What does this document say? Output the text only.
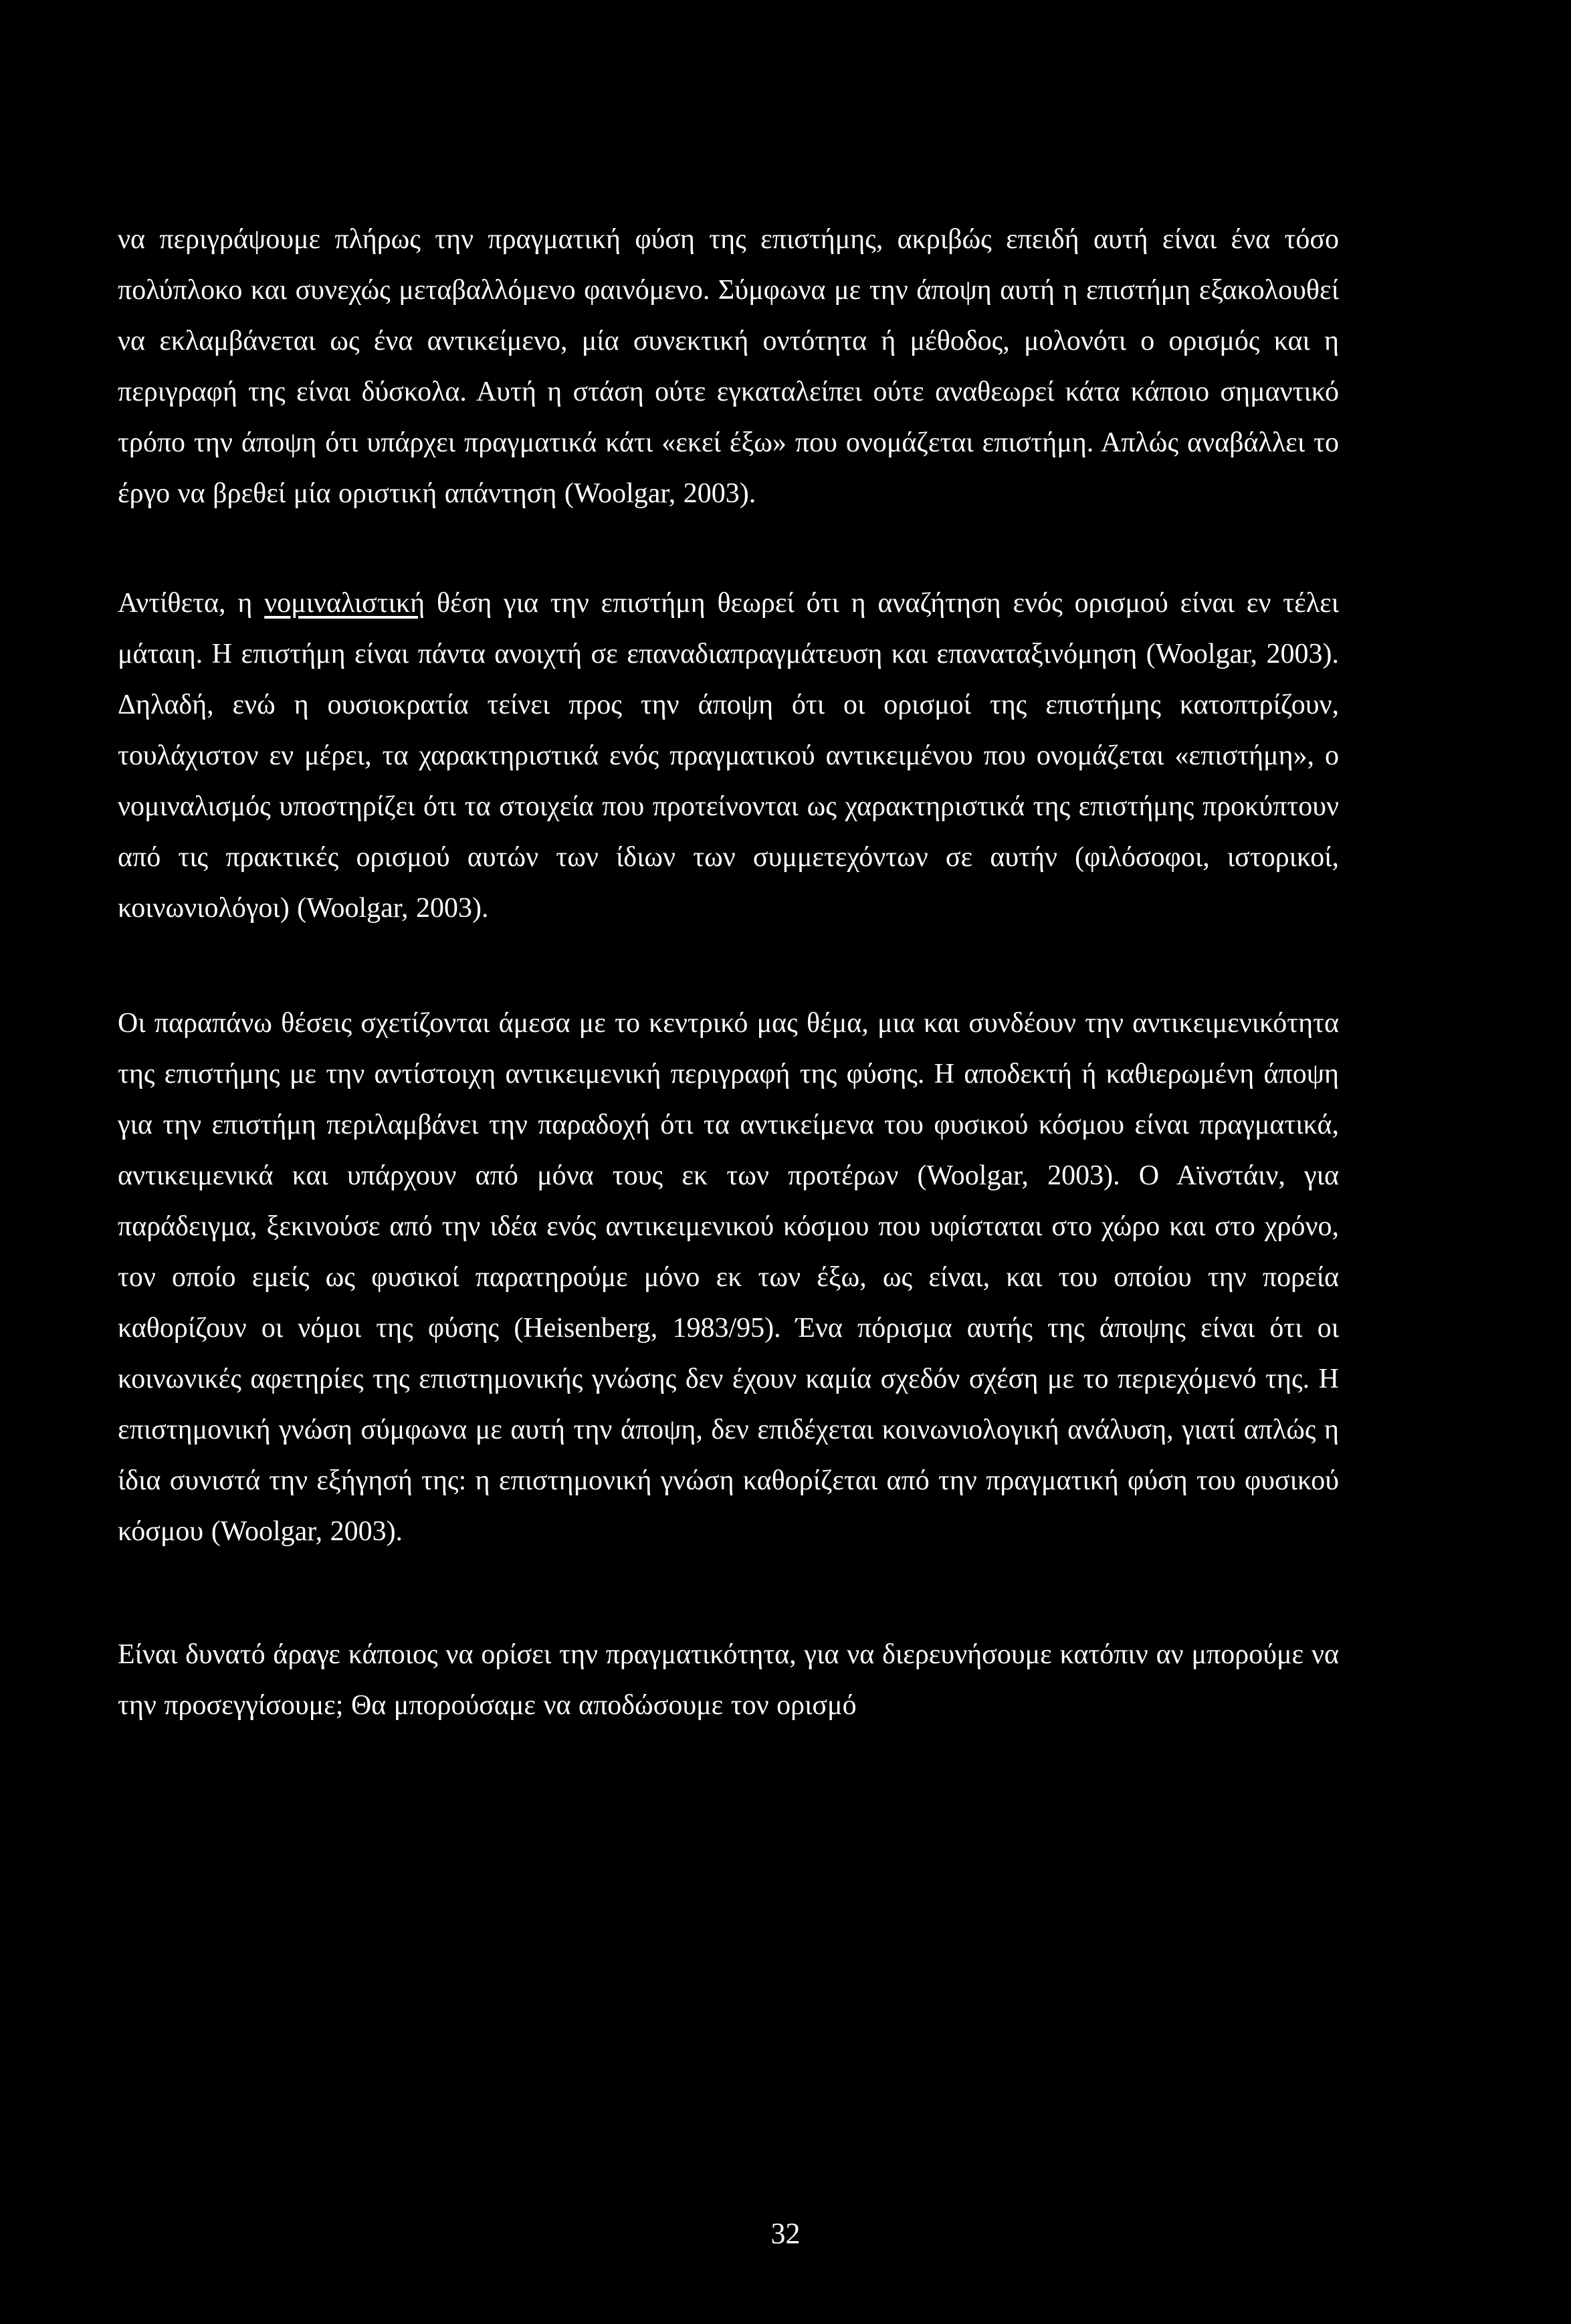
να περιγράψουμε πλήρως την πραγματική φύση της επιστήμης, ακριβώς επειδή αυτή είναι ένα τόσο πολύπλοκο και συνεχώς μεταβαλλόμενο φαινόμενο. Σύμφωνα με την άποψη αυτή η επιστήμη εξακολουθεί να εκλαμβάνεται ως ένα αντικείμενο, μία συνεκτική οντότητα ή μέθοδος, μολονότι ο ορισμός και η περιγραφή της είναι δύσκολα. Αυτή η στάση ούτε εγκαταλείπει ούτε αναθεωρεί κάτα κάποιο σημαντικό τρόπο την άποψη ότι υπάρχει πραγματικά κάτι «εκεί έξω» που ονομάζεται επιστήμη. Απλώς αναβάλλει το έργο να βρεθεί μία οριστική απάντηση (Woolgar, 2003).

Αντίθετα, η νομιναλιστική θέση για την επιστήμη θεωρεί ότι η αναζήτηση ενός ορισμού είναι εν τέλει μάταιη. Η επιστήμη είναι πάντα ανοιχτή σε επαναδιαπραγμάτευση και επαναταξινόμηση (Woolgar, 2003). Δηλαδή, ενώ η ουσιοκρατία τείνει προς την άποψη ότι οι ορισμοί της επιστήμης κατοπτρίζουν, τουλάχιστον εν μέρει, τα χαρακτηριστικά ενός πραγματικού αντικειμένου που ονομάζεται «επιστήμη», ο νομιναλισμός υποστηρίζει ότι τα στοιχεία που προτείνονται ως χαρακτηριστικά της επιστήμης προκύπτουν από τις πρακτικές ορισμού αυτών των ίδιων των συμμετεχόντων σε αυτήν (φιλόσοφοι, ιστορικοί, κοινωνιολόγοι) (Woolgar, 2003).

Οι παραπάνω θέσεις σχετίζονται άμεσα με το κεντρικό μας θέμα, μια και συνδέουν την αντικειμενικότητα της επιστήμης με την αντίστοιχη αντικειμενική περιγραφή της φύσης. Η αποδεκτή ή καθιερωμένη άποψη για την επιστήμη περιλαμβάνει την παραδοχή ότι τα αντικείμενα του φυσικού κόσμου είναι πραγματικά, αντικειμενικά και υπάρχουν από μόνα τους εκ των προτέρων (Woolgar, 2003). Ο Αϊνστάιν, για παράδειγμα, ξεκινούσε από την ιδέα ενός αντικειμενικού κόσμου που υφίσταται στο χώρο και στο χρόνο, τον οποίο εμείς ως φυσικοί παρατηρούμε μόνο εκ των έξω, ως είναι, και του οποίου την πορεία καθορίζουν οι νόμοι της φύσης (Heisenberg, 1983/95). Ένα πόρισμα αυτής της άποψης είναι ότι οι κοινωνικές αφετηρίες της επιστημονικής γνώσης δεν έχουν καμία σχεδόν σχέση με το περιεχόμενό της. Η επιστημονική γνώση σύμφωνα με αυτή την άποψη, δεν επιδέχεται κοινωνιολογική ανάλυση, γιατί απλώς η ίδια συνιστά την εξήγησή της: η επιστημονική γνώση καθορίζεται από την πραγματική φύση του φυσικού κόσμου (Woolgar, 2003).

Είναι δυνατό άραγε κάποιος να ορίσει την πραγματικότητα, για να διερευνήσουμε κατόπιν αν μπορούμε να την προσεγγίσουμε; Θα μπορούσαμε να αποδώσουμε τον ορισμό

32
